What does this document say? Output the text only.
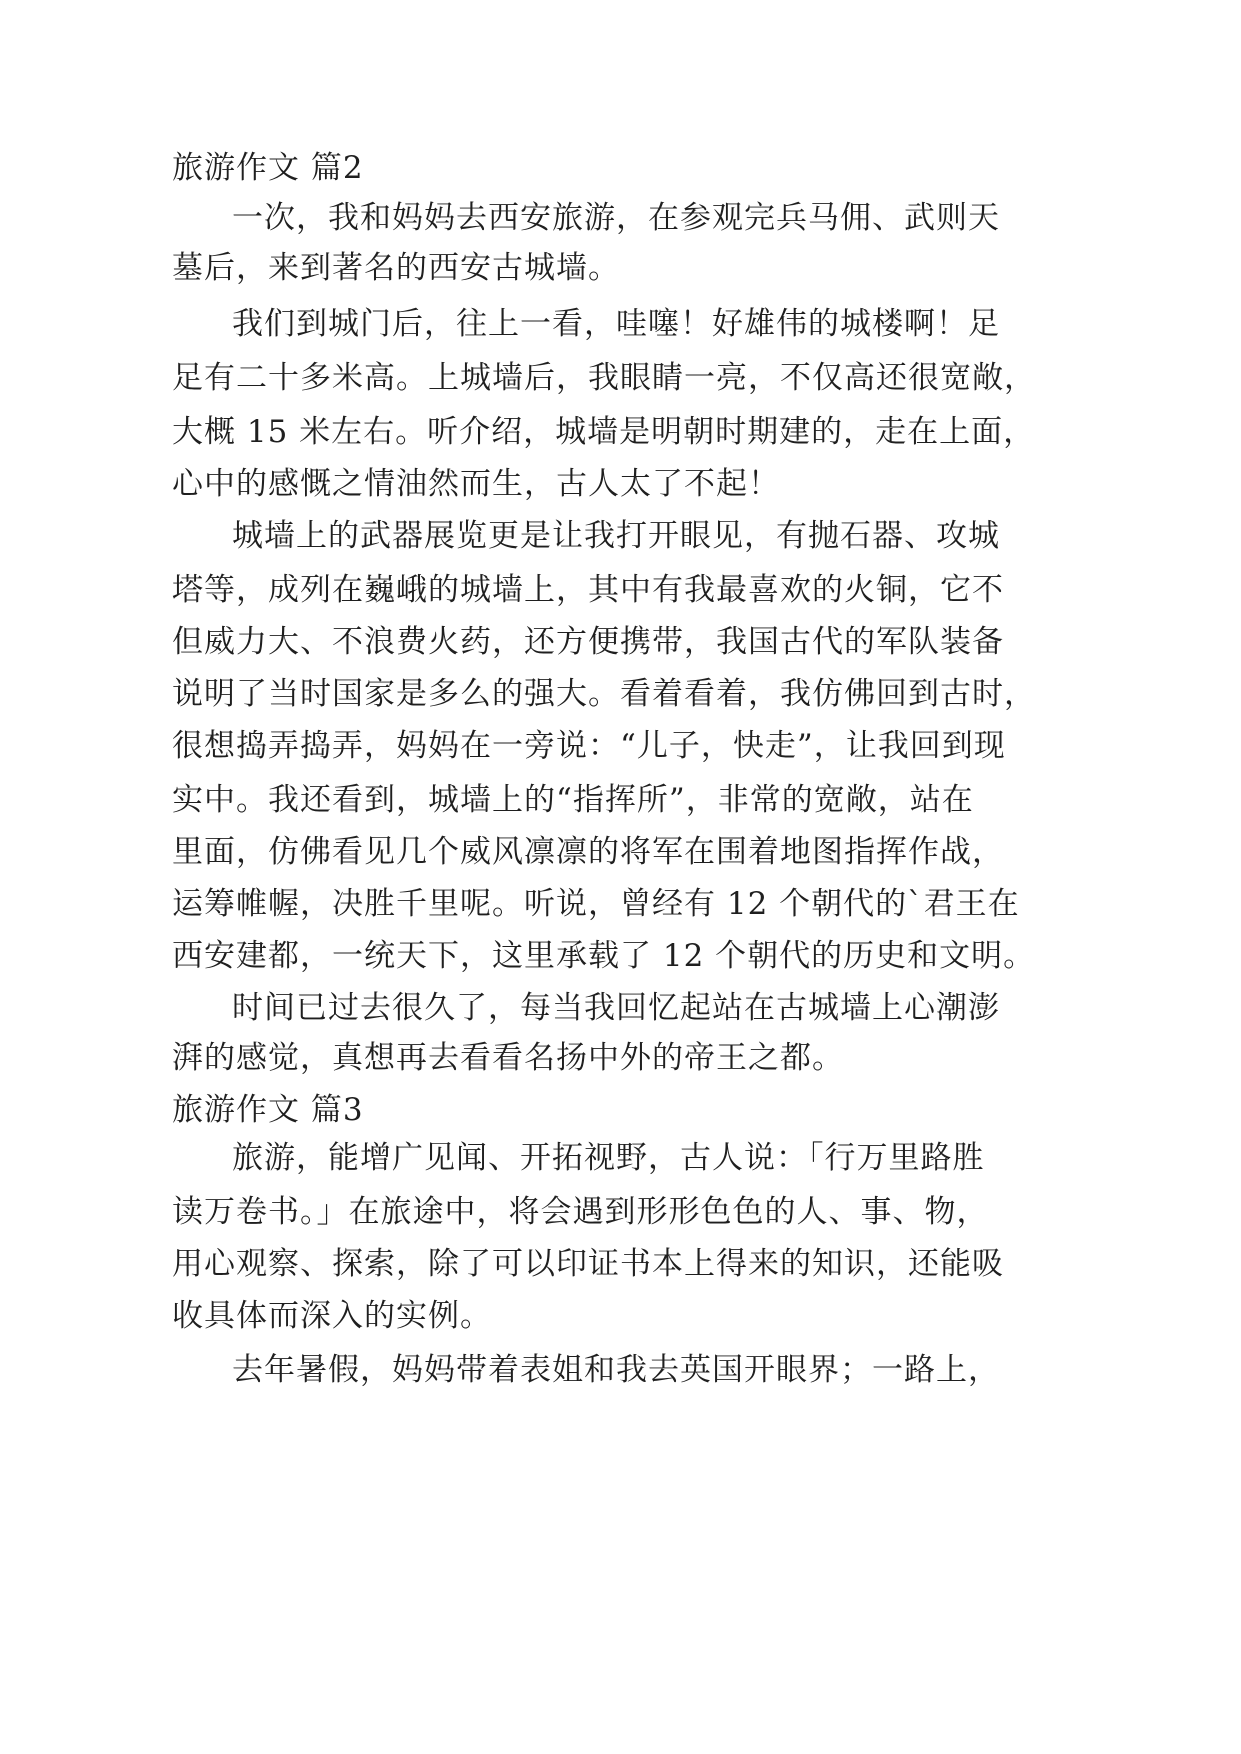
旅游作文 篇2
一次，我和妈妈去西安旅游，在参观完兵马佣、武则天
墓后，来到著名的西安古城墙。
我们到城门后，往上一看，哇噻！好雄伟的城楼啊！足
足有二十多米高。上城墙后，我眼睛一亮，不仅高还很宽敞，
大概 15 米左右。听介绍，城墙是明朝时期建的，走在上面，
心中的感慨之情油然而生，古人太了不起！
城墙上的武器展览更是让我打开眼见，有抛石器、攻城
塔等，成列在巍峨的城墙上，其中有我最喜欢的火铜，它不
但威力大、不浪费火药，还方便携带，我国古代的军队装备
说明了当时国家是多么的强大。看着看着，我仿佛回到古时，
很想捣弄捣弄，妈妈在一旁说：“儿子，快走”，让我回到现
实中。我还看到，城墙上的“指挥所”，非常的宽敞，站在
里面，仿佛看见几个威风凛凛的将军在围着地图指挥作战，
运筹帷幄，决胜千里呢。听说，曾经有 12 个朝代的`君王在
西安建都，一统天下，这里承载了 12 个朝代的历史和文明。
时间已过去很久了，每当我回忆起站在古城墙上心潮澎
湃的感觉，真想再去看看名扬中外的帝王之都。
旅游作文 篇3
旅游，能增广见闻、开拓视野，古人说：「行万里路胜
读万卷书。」在旅途中，将会遇到形形色色的人、事、物，
用心观察、探索，除了可以印证书本上得来的知识，还能吸
收具体而深入的实例。
去年暑假，妈妈带着表姐和我去英国开眼界；一路上，
